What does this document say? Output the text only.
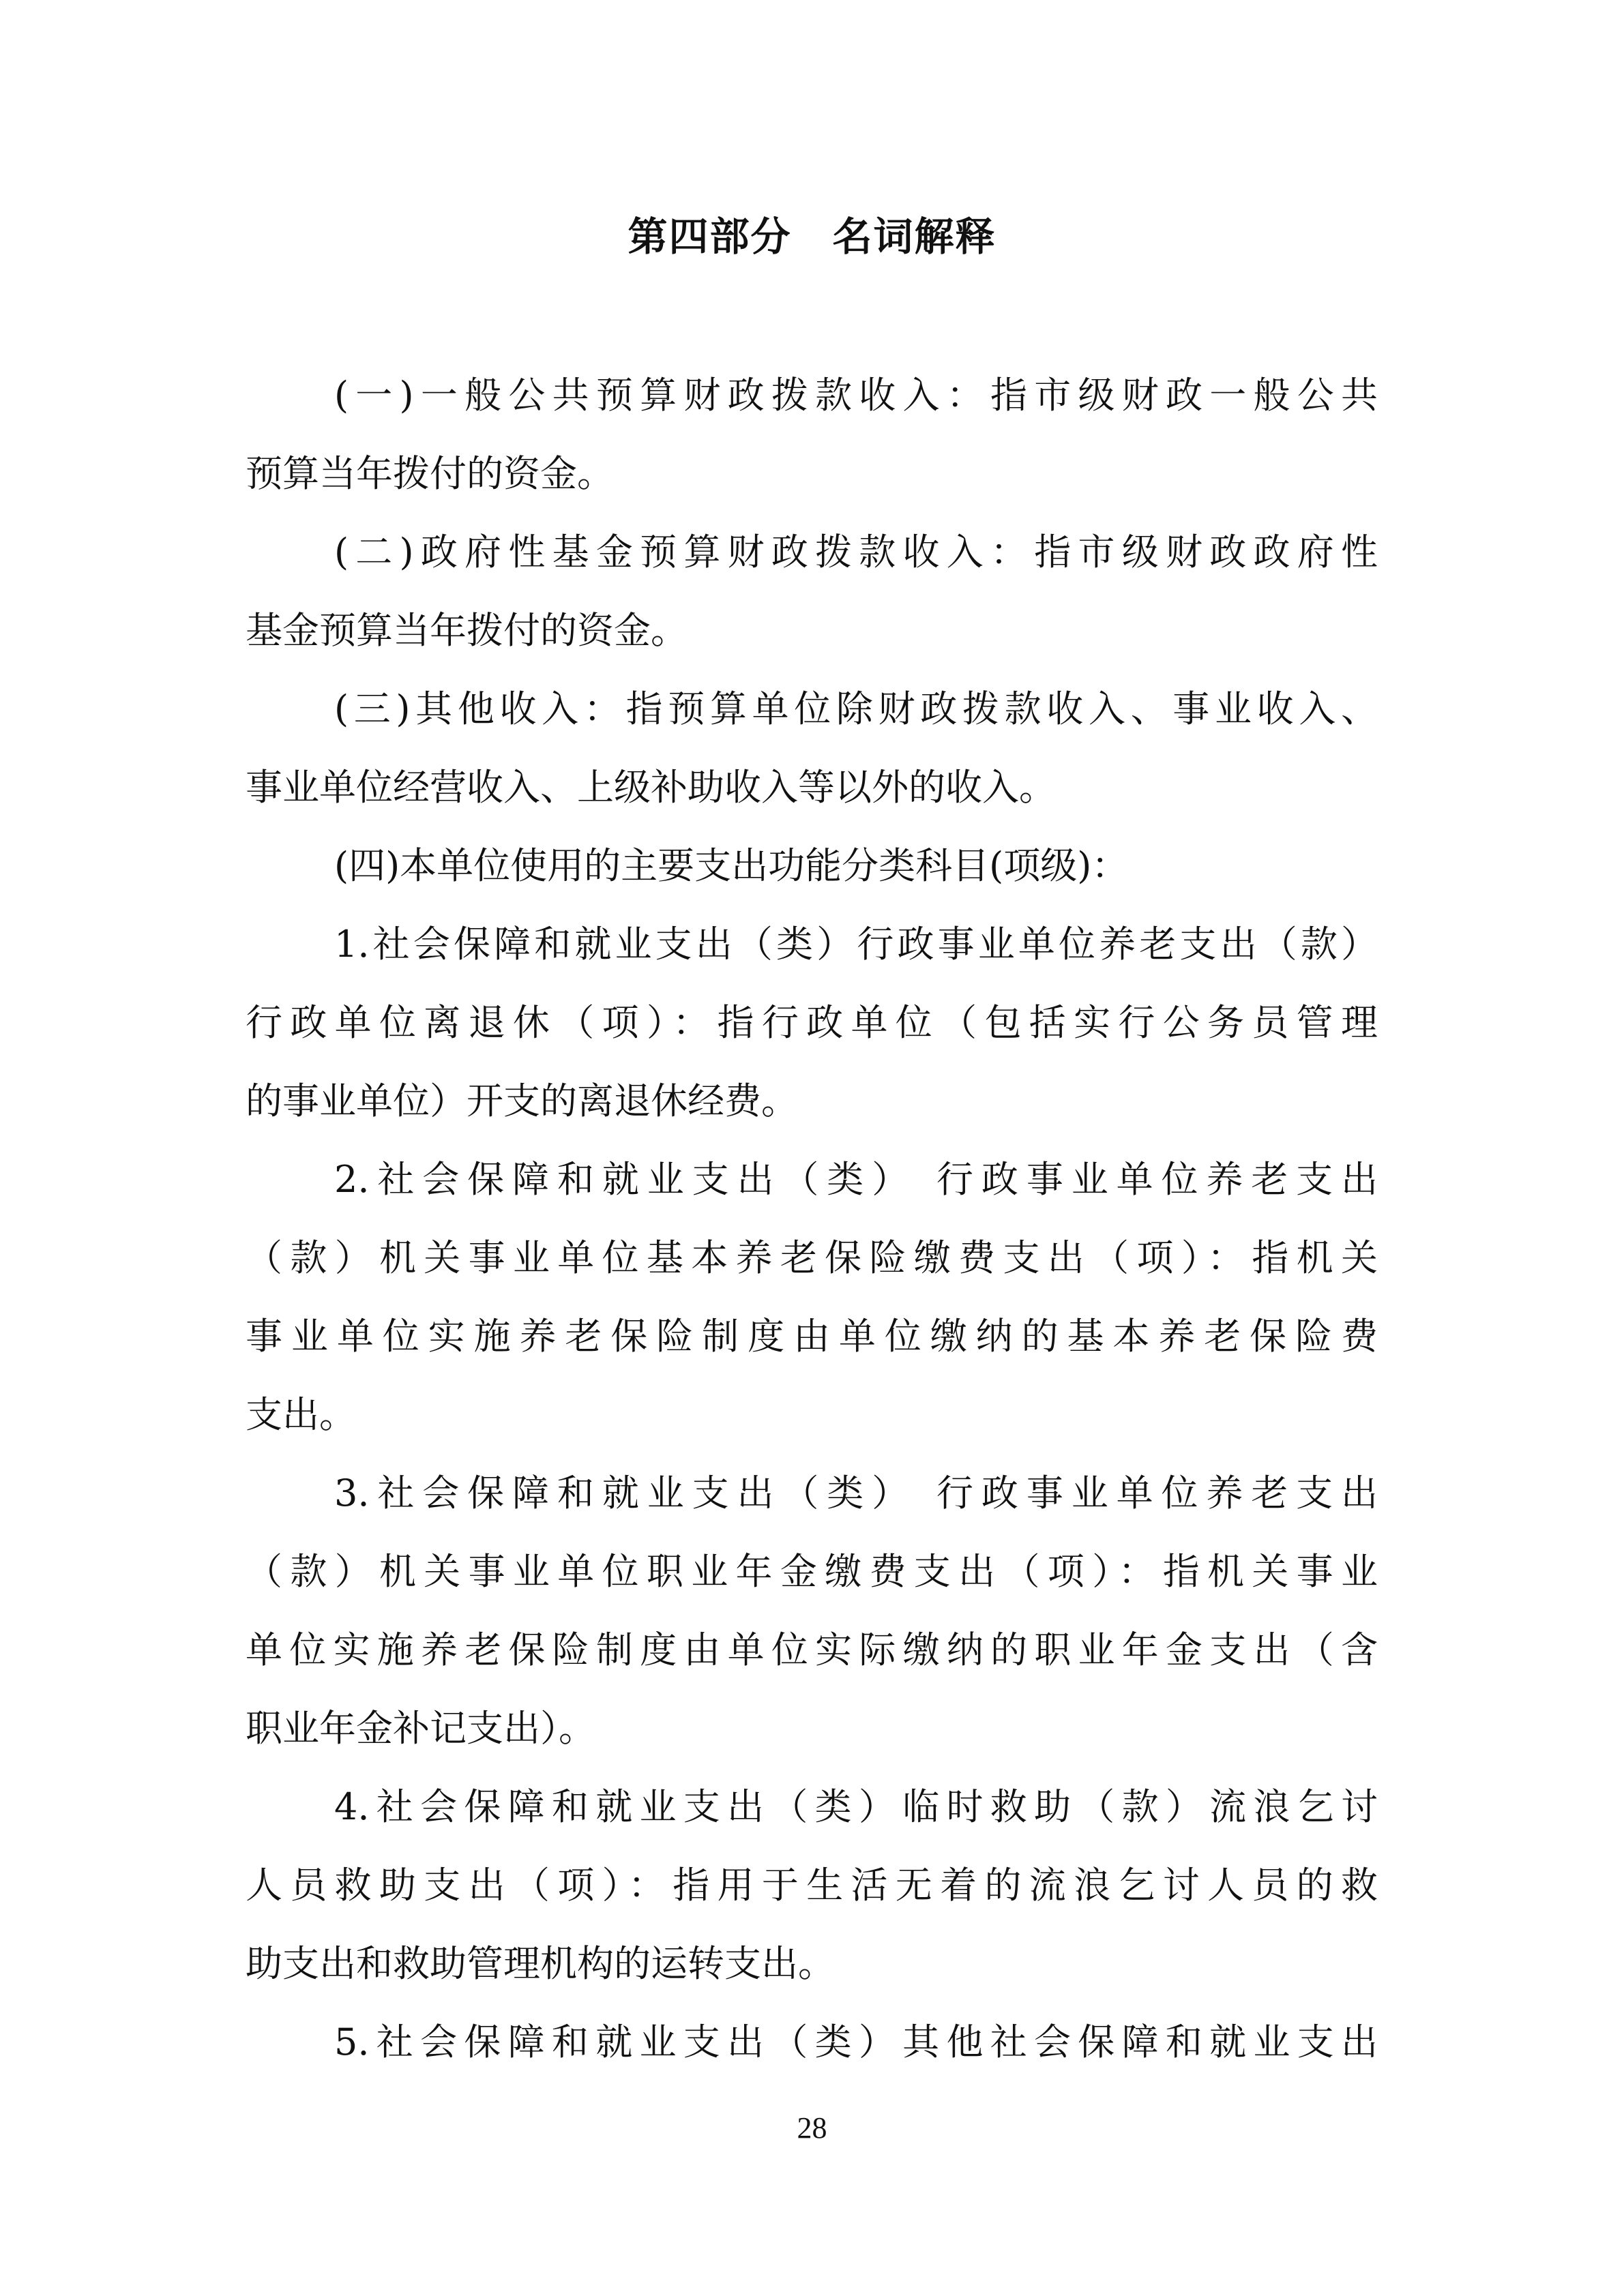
第四部分　名词解释
(一)一般公共预算财政拨款收入：指市级财政一般公共
预算当年拨付的资金。
(二)政府性基金预算财政拨款收入：指市级财政政府性
基金预算当年拨付的资金。
(三)其他收入：指预算单位除财政拨款收入、事业收入、
事业单位经营收入、上级补助收入等以外的收入。
(四)本单位使用的主要支出功能分类科目(项级)：
1.社会保障和就业支出（类）行政事业单位养老支出（款）
行政单位离退休（项）：指行政单位（包括实行公务员管理
的事业单位）开支的离退休经费。
2.社会保障和就业支出（类） 行政事业单位养老支出
（款）机关事业单位基本养老保险缴费支出（项）：指机关
事业单位实施养老保险制度由单位缴纳的基本养老保险费
支出。
3.社会保障和就业支出（类） 行政事业单位养老支出
（款）机关事业单位职业年金缴费支出（项）：指机关事业
单位实施养老保险制度由单位实际缴纳的职业年金支出（含
职业年金补记支出）。
4.社会保障和就业支出（类）临时救助（款）流浪乞讨
人员救助支出（项）：指用于生活无着的流浪乞讨人员的救
助支出和救助管理机构的运转支出。
5.社会保障和就业支出（类）其他社会保障和就业支出
28
